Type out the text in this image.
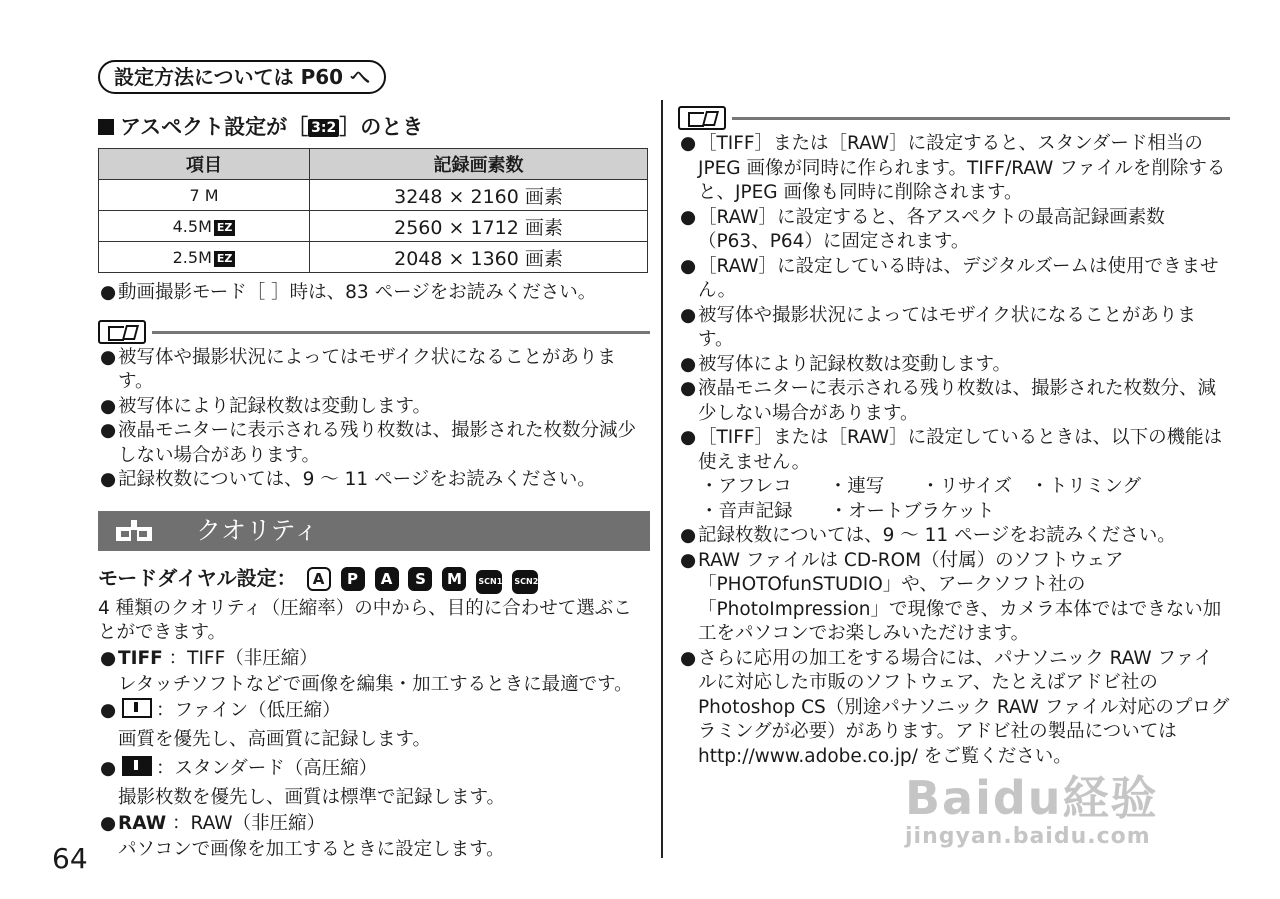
設定方法については P60 へ
アスペクト設定が［ 3:2 ］のとき
項目	記録画素数
7 M	3248 × 2160 画素
4.5M EZ	2560 × 1712 画素
2.5M EZ	2048 × 1360 画素
● 動画撮影モード［ ］時は、83 ページをお読みください。
● 被写体や撮影状況によってはモザイク状になることがあります。
● 被写体により記録枚数は変動します。
● 液晶モニターに表示される残り枚数は、撮影された枚数分減少しない場合があります。
● 記録枚数については、9 ～ 11 ページをお読みください。
クオリティ
モードダイヤル設定： A P A S M SCN1 SCN2
4 種類のクオリティ（圧縮率）の中から、目的に合わせて選ぶことができます。
● TIFF ：TIFF（非圧縮）
レタッチソフトなどで画像を編集・加工するときに最適です。
● ：ファイン（低圧縮）
画質を優先し、高画質に記録します。
● ：スタンダード（高圧縮）
撮影枚数を優先し、画質は標準で記録します。
● RAW ：RAW（非圧縮）
パソコンで画像を加工するときに設定します。
● ［TIFF］または［RAW］に設定すると、スタンダード相当の JPEG 画像が同時に作られます。TIFF/RAW ファイルを削除すると、JPEG 画像も同時に削除されます。
● ［RAW］に設定すると、各アスペクトの最高記録画素数（P63、P64）に固定されます。
● ［RAW］に設定している時は、デジタルズームは使用できません。
● 被写体や撮影状況によってはモザイク状になることがあります。
● 被写体により記録枚数は変動します。
● 液晶モニターに表示される残り枚数は、撮影された枚数分、減少しない場合があります。
● ［TIFF］または［RAW］に設定しているときは、以下の機能は使えません。
・アフレコ　　・連写　　・リサイズ　・トリミング
・音声記録　　・オートブラケット
● 記録枚数については、9 ～ 11 ページをお読みください。
● RAW ファイルは CD-ROM（付属）のソフトウェア「PHOTOfunSTUDIO」や、アークソフト社の「PhotoImpression」で現像でき、カメラ本体ではできない加工をパソコンでお楽しみいただけます。
● さらに応用の加工をする場合には、パナソニック RAW ファイルに対応した市販のソフトウェア、たとえばアドビ社の Photoshop CS（別途パナソニック RAW ファイル対応のプログラミングが必要）があります。アドビ社の製品については http://www.adobe.co.jp/ をご覧ください。
64
Baidu経验
jingyan.baidu.com
